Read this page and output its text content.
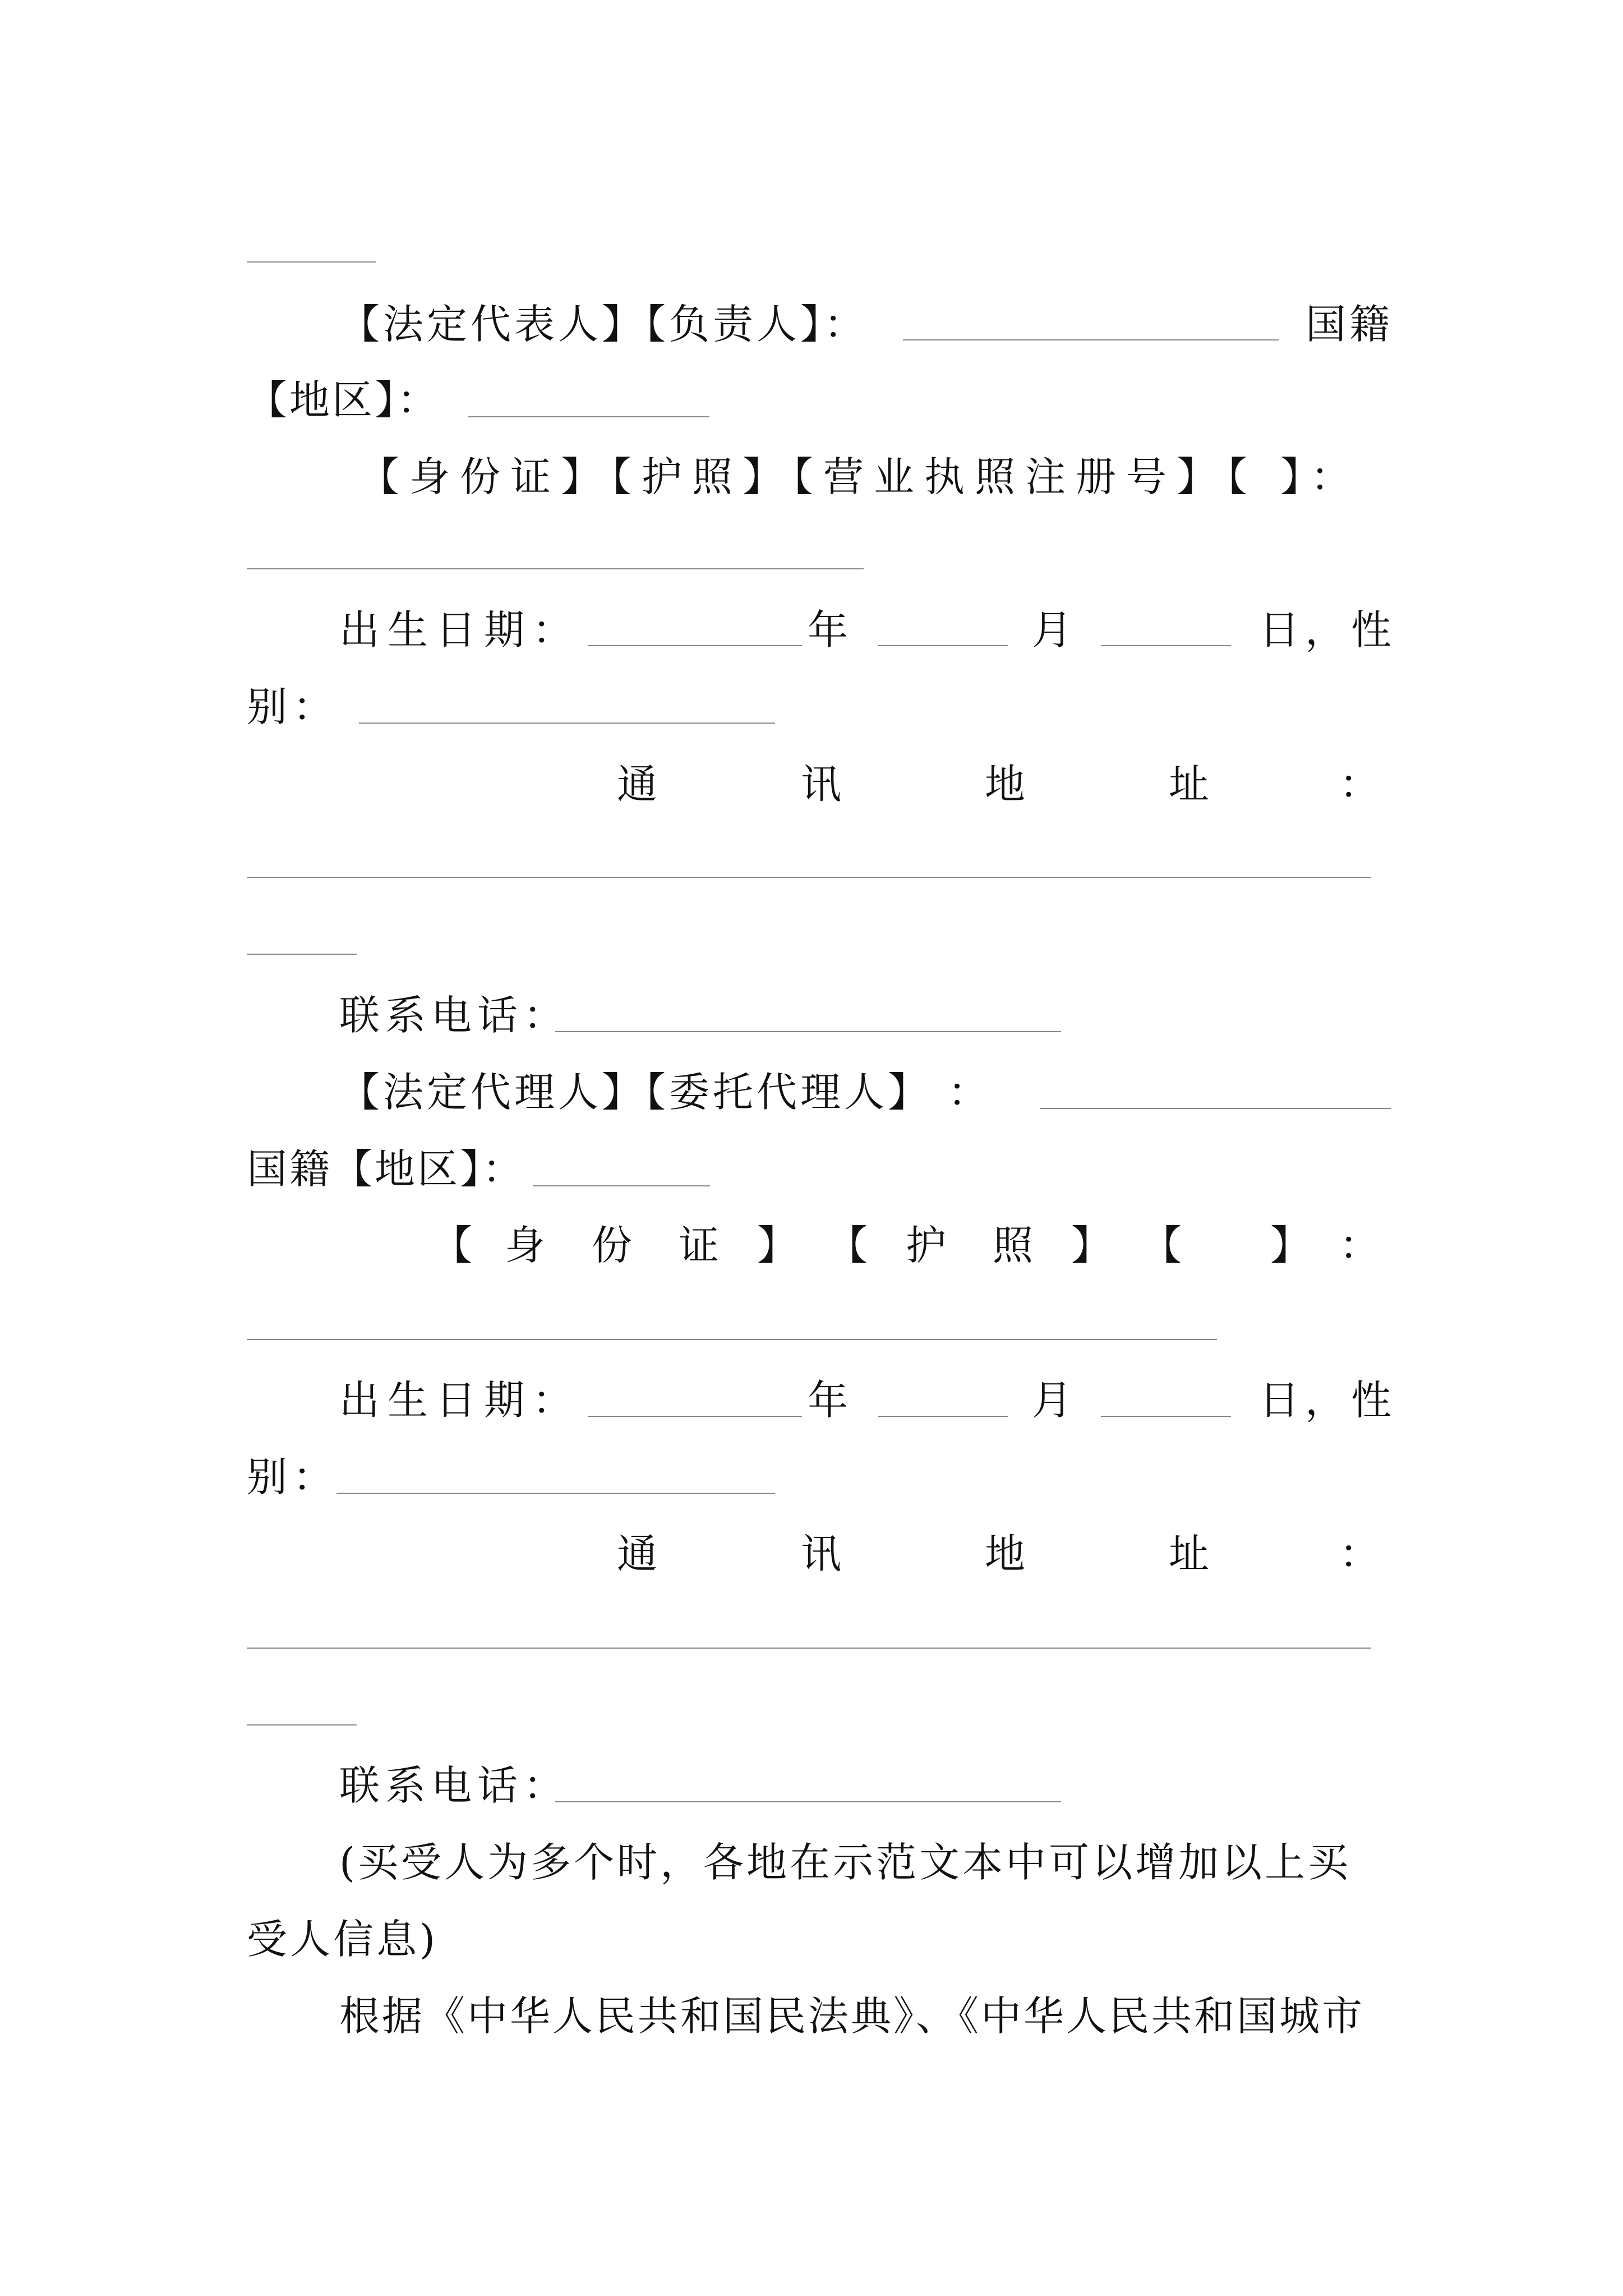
【法定代表人】【负责人】：	国籍
【地区】：
【身份证】【护照】【营业执照注册号】【 】：
出生日期：	年	月	日，性
别：
通	讯	地	址	：
联系电话：
【法定代理人】【委托代理人】 ：
国籍【地区】：
【 身 份 证 】 【 护 照 】 【 】 ：
出生日期：	年	月	日，性
别：
通	讯	地	址	：
联系电话：
(买受人为多个时，各地在示范文本中可以增加以上买
受人信息)
根据《中华人民共和国民法典》、《中华人民共和国城市
